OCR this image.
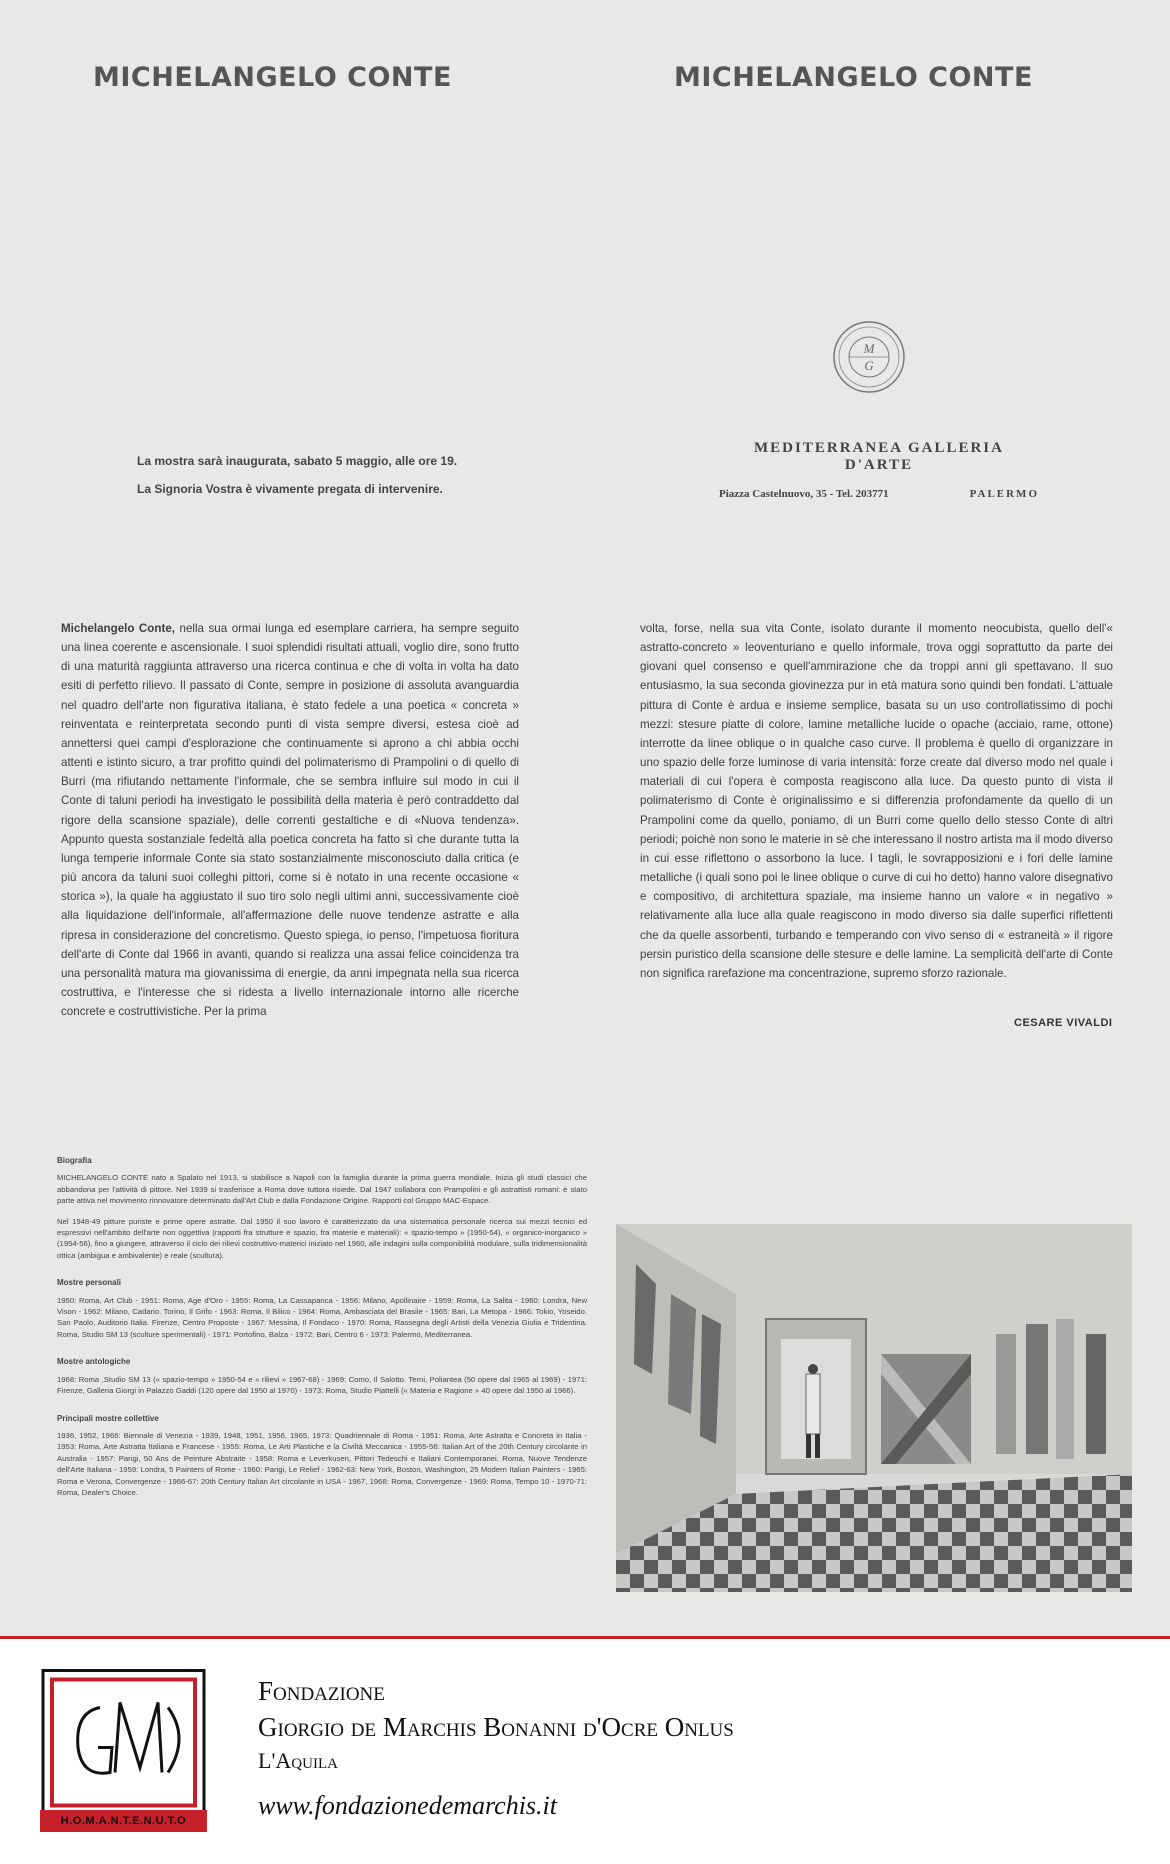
MICHELANGELO CONTE	MICHELANGELO CONTE
M
G
La mostra sarà inaugurata, sabato 5 maggio, alle ore 19.
La Signoria Vostra è vivamente pregata di intervenire.
MEDITERRANEA GALLERIA D'ARTE
Piazza Castelnuovo, 35 - Tel. 203771	PALERMO
Michelangelo Conte, nella sua ormai lunga ed esemplare carriera, ha sempre seguito una linea coerente e ascensionale. I suoi splendidi risultati attuali, voglio dire, sono frutto di una maturità raggiunta attraverso una ricerca continua e che di volta in volta ha dato esiti di perfetto rilievo. Il passato di Conte, sempre in posizione di assoluta avanguardia nel quadro dell'arte non figurativa italiana, è stato fedele a una poetica « concreta » reinventata e reinterpretata secondo punti di vista sempre diversi, estesa cioè ad annettersi quei campi d'esplorazione che continuamente si aprono a chi abbia occhi attenti e istinto sicuro, a trar profitto quindi del polimaterismo di Prampolini o di quello di Burri (ma rifiutando nettamente l'informale, che se sembra influire sul modo in cui il Conte di taluni periodi ha investigato le possibilità della materia è però contraddetto dal rigore della scansione spaziale), delle correnti gestaltiche e di «Nuova tendenza». Appunto questa sostanziale fedeltà alla poetica concreta ha fatto sì che durante tutta la lunga temperie informale Conte sia stato sostanzialmente misconosciuto dalla critica (e più ancora da taluni suoi colleghi pittori, come si è notato in una recente occasione « storica »), la quale ha aggiustato il suo tiro solo negli ultimi anni, successivamente cioè alla liquidazione dell'informale, all'affermazione delle nuove tendenze astratte e alla ripresa in considerazione del concretismo. Questo spiega, io penso, l'impetuosa fioritura dell'arte di Conte dal 1966 in avanti, quando si realizza una assai felice coincidenza tra una personalità matura ma giovanissima di energie, da anni impegnata nella sua ricerca costruttiva, e l'interesse che si ridesta a livello internazionale intorno alle ricerche concrete e costruttivistiche. Per la prima
volta, forse, nella sua vita Conte, isolato durante il momento neocubista, quello dell'« astratto-concreto » leoventuriano e quello informale, trova oggi soprattutto da parte dei giovani quel consenso e quell'ammirazione che da troppi anni gli spettavano. Il suo entusiasmo, la sua seconda giovinezza pur in età matura sono quindi ben fondati. L'attuale pittura di Conte è ardua e insieme semplice, basata su un uso controllatissimo di pochi mezzi: stesure piatte di colore, lamine metalliche lucide o opache (acciaio, rame, ottone) interrotte da linee oblique o in qualche caso curve. Il problema è quello di organizzare in uno spazio delle forze luminose di varia intensità: forze create dal diverso modo nel quale i materiali di cui l'opera è composta reagiscono alla luce. Da questo punto di vista il polimaterismo di Conte è originalissimo e si differenzia profondamente da quello di un Prampolini come da quello, poniamo, di un Burri come quello dello stesso Conte di altri periodi; poichè non sono le materie in sè che interessano il nostro artista ma il modo diverso in cui esse riflettono o assorbono la luce. I tagli, le sovrapposizioni e i fori delle lamine metalliche (i quali sono poi le linee oblique o curve di cui ho detto) hanno valore disegnativo e compositivo, di architettura spaziale, ma insieme hanno un valore « in negativo » relativamente alla luce alla quale reagiscono in modo diverso sia dalle superfici riflettenti che da quelle assorbenti, turbando e temperando con vivo senso di « estraneità » il rigore persin puristico della scansione delle stesure e delle lamine. La semplicità dell'arte di Conte non significa rarefazione ma concentrazione, supremo sforzo razionale.
CESARE VIVALDI
Biografia

MICHELANGELO CONTE nato a Spalato nel 1913, si stabilisce a Napoli con la famiglia durante la prima guerra mondiale. Inizia gli studi classici che abbandona per l'attività di pittore. Nel 1939 si trasferisce a Roma dove tuttora risiede. Dal 1947 collabora con Prampolini e gli astrattisti romani: è stato parte attiva nel movimento rinnovatore determinato dall'Art Club e dalla Fondazione Origine. Rapporti col Gruppo MAC-Espace.

Nel 1948-49 pitture puriste e prime opere astratte. Dal 1950 il suo lavoro è caratterizzato da una sistematica personale ricerca sui mezzi tecnici ed espressivi nell'ambito dell'arte non oggettiva (rapporti fra strutture e spazio, fra materie e materiali): « spazio-tempo » (1950-54), « organico-inorganico » (1954-56), fino a giungere, attraverso il ciclo dei rilievi costruttivo-materici iniziato nel 1960, alle indagini sulla componibilità modulare, sulla tridimensionalità ottica (ambigua e ambivalente) e reale (scultura).

Mostre personali

1950: Roma, Art Club - 1951: Roma, Age d'Oro - 1955: Roma, La Cassapanca - 1956: Milano, Apollinaire - 1959: Roma, La Salita - 1960: Londra, New Vison - 1962: Milano, Cadario. Torino, Il Grifo - 1963: Roma, Il Bilico - 1964: Roma, Ambasciata del Brasile - 1965: Bari, La Metopa - 1966: Tokio, Yoseido. San Paolo, Auditorio Italia. Firenze, Centro Proposte - 1967: Messina, Il Fondaco - 1970: Roma, Rassegna degli Artisti della Venezia Giulia e Tridentina. Roma, Studio SM 13 (sculture sperimentali) - 1971: Portofino, Balza - 1972: Bari, Centro 6 - 1973: Palermo, Mediterranea.

Mostre antologiche

1968: Roma ,Studio SM 13 (« spazio-tempo » 1950-54 e « rilievi » 1967-68) - 1969: Como, Il Salotto. Terni, Poliantea (50 opere dal 1965 al 1969) - 1971: Firenze, Galleria Giorgi in Palazzo Gaddi (120 opere dal 1950 al 1970) - 1973: Roma, Studio Piattelli (« Materia e Ragione » 40 opere dal 1950 al 1966).

Principali mostre collettive

1936, 1952, 1966: Biennale di Venezia - 1939, 1948, 1951, 1956, 1965, 1973: Quadriennale di Roma - 1951: Roma, Arte Astratta e Concreta in Italia - 1953: Roma, Arte Astratta Italiana e Francese - 1955: Roma, Le Arti Plastiche e la Civiltà Meccanica - 1955-56: Italian Art of the 20th Century circolante in Australia - 1957: Parigi, 50 Ans de Peinture Abstraite - 1958: Roma e Leverkusen, Pittori Tedeschi e Italiani Contemporanei. Roma, Nuove Tendenze dell'Arte Italiana - 1959: Londra, 5 Painters of Rome - 1960: Parigi, Le Relief - 1962-63: New York, Boston, Washington, 25 Modern Italian Painters - 1965: Roma e Verona, Convergenze - 1966-67: 20th Century Italian Art circolante in USA - 1967, 1968: Roma, Convergenze - 1969: Roma, Tempo 10 - 1970-71: Roma, Dealer's Choice.

H.O.M.A.N.T.E.N.U.T.O
Fondazione
Giorgio de Marchis Bonanni d'Ocre Onlus
L'Aquila
www.fondazionedemarchis.it
